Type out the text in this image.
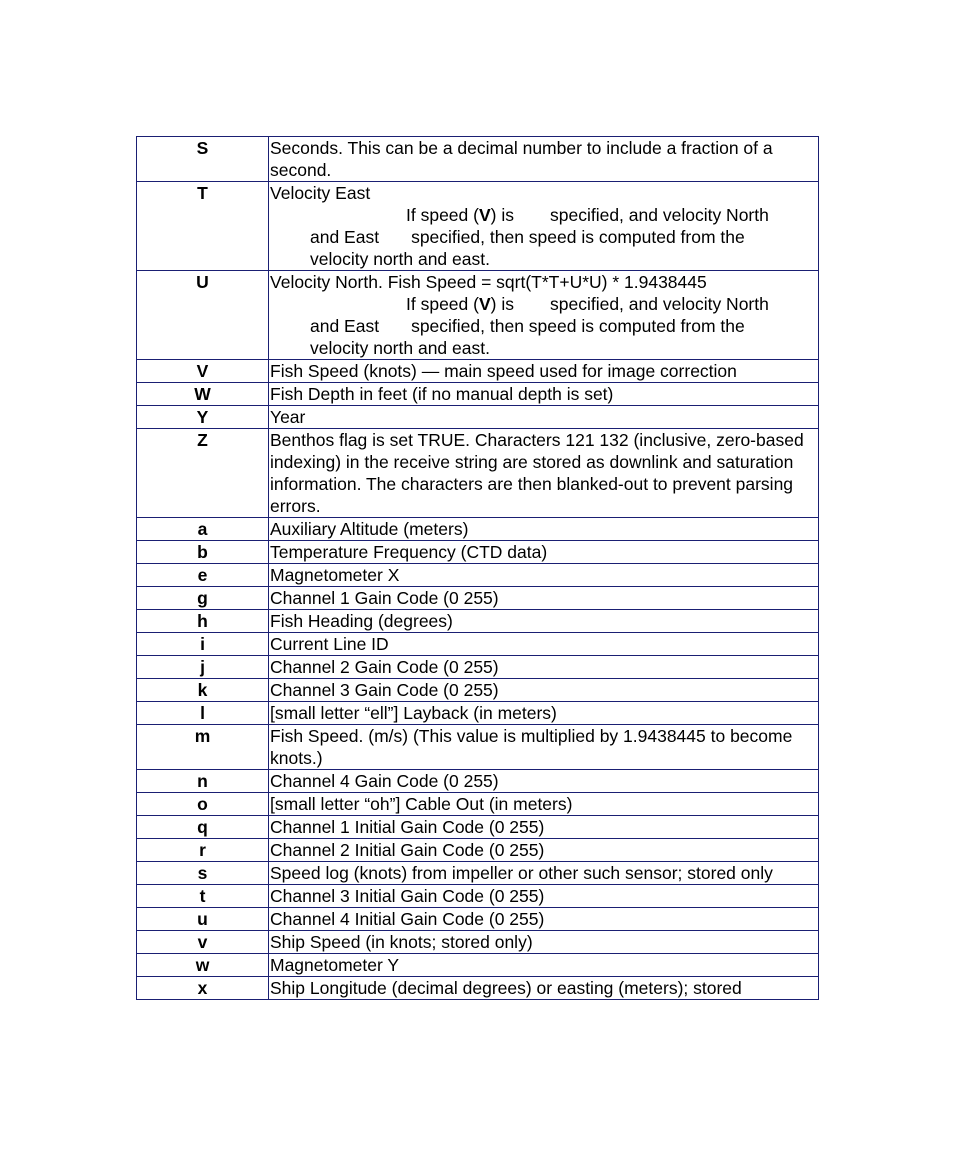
S	Seconds. This can be a decimal number to include a fraction of a second.
T	Velocity East
If speed (V) is specified, and velocity North and East specified, then speed is computed from the velocity north and east.

U	Velocity North. Fish Speed = sqrt(T*T+U*U) * 1.9438445
If speed (V) is specified, and velocity North and East specified, then speed is computed from the velocity north and east.

V	Fish Speed (knots) — main speed used for image correction
W	Fish Depth in feet (if no manual depth is set)
Y	Year
Z	Benthos flag is set TRUE. Characters 121 132 (inclusive, zero-based indexing) in the receive string are stored as downlink and saturation information. The characters are then blanked-out to prevent parsing errors.
a	Auxiliary Altitude (meters)
b	Temperature Frequency (CTD data)
e	Magnetometer X
g	Channel 1 Gain Code (0 255)
h	Fish Heading (degrees)
i	Current Line ID
j	Channel 2 Gain Code (0 255)
k	Channel 3 Gain Code (0 255)
l	[small letter “ell”] Layback (in meters)
m	Fish Speed. (m/s) (This value is multiplied by 1.9438445 to become knots.)
n	Channel 4 Gain Code (0 255)
o	[small letter “oh”] Cable Out (in meters)
q	Channel 1 Initial Gain Code (0 255)
r	Channel 2 Initial Gain Code (0 255)
s	Speed log (knots) from impeller or other such sensor; stored only
t	Channel 3 Initial Gain Code (0 255)
u	Channel 4 Initial Gain Code (0 255)
v	Ship Speed (in knots; stored only)
w	Magnetometer Y
x	Ship Longitude (decimal degrees) or easting (meters); stored
